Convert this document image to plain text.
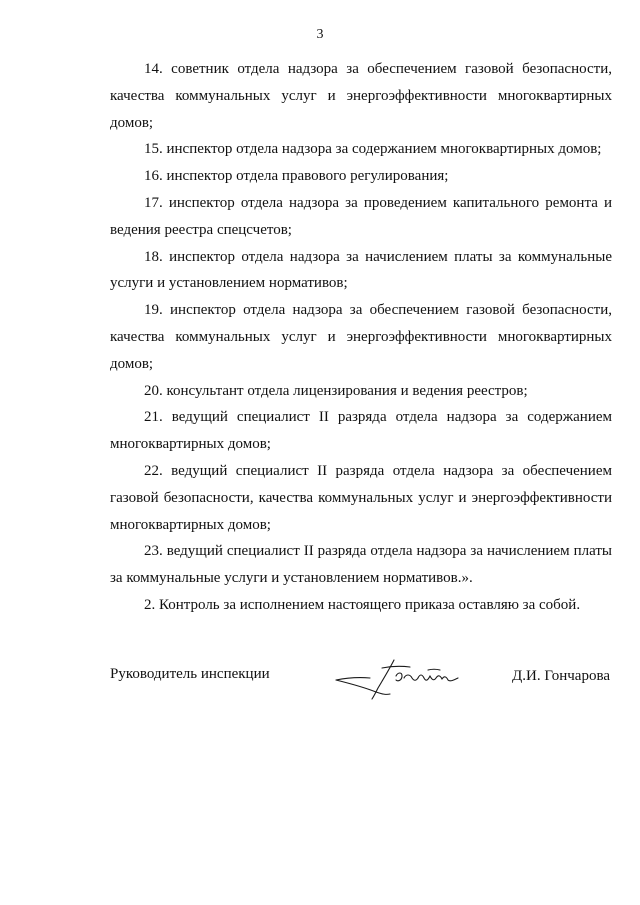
3

14. советник отдела надзора за обеспечением газовой безопасности, качества коммунальных услуг и энергоэффективности многоквартирных домов;

15. инспектор отдела надзора за содержанием многоквартирных домов;

16. инспектор отдела правового регулирования;

17. инспектор отдела надзора за проведением капитального ремонта и ведения реестра спецсчетов;

18. инспектор отдела надзора за начислением платы за коммунальные услуги и установлением нормативов;

19. инспектор отдела надзора за обеспечением газовой безопасности, качества коммунальных услуг и энергоэффективности многоквартирных домов;

20. консультант отдела лицензирования и ведения реестров;

21. ведущий специалист II разряда отдела надзора за содержанием многоквартирных домов;

22. ведущий специалист II разряда отдела надзора за обеспечением газовой безопасности, качества коммунальных услуг и энергоэффективности многоквартирных домов;

23. ведущий специалист II разряда отдела надзора за начислением платы за коммунальные услуги и установлением нормативов.».

2. Контроль за исполнением настоящего приказа оставляю за собой.

Руководитель инспекции	Д.И. Гончарова
